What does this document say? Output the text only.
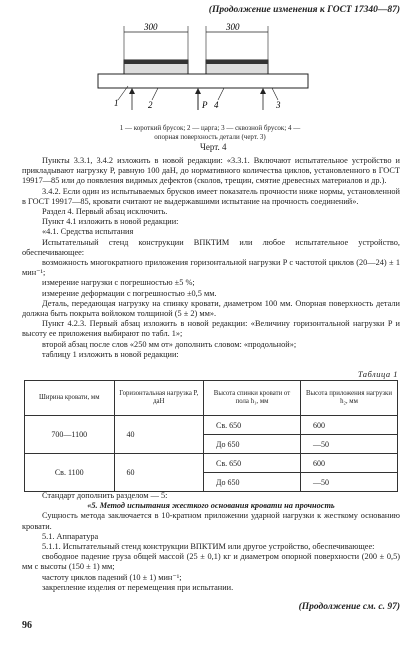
(Продолжение изменения к ГОСТ 17340—87)
300	300
P
1	2	4	3
1 — короткий брусок; 2 — царга; 3 — сквозной брусок; 4 —
опорная поверхность детали (черт. 3)
Черт. 4

Пункты 3.3.1, 3.4.2 изложить в новой редакции: «3.3.1. Включают испытательное устройство и прикладывают нагрузку P, равную 100 даН, до нормативного количества циклов, установленного в ГОСТ 19917—85 или до появления видимых дефектов (сколов, трещин, смятие древесных материалов и др.).

3.4.2. Если один из испытываемых брусков имеет показатель прочности ниже нормы, установленной в ГОСТ 19917—85, кровати считают не выдержавшими испытание на прочность соединений».

Раздел 4. Первый абзац исключить.

Пункт 4.1 изложить в новой редакции:

«4.1. Средства испытания

Испытательный стенд конструкции ВПКТИМ или любое испытательное устройство, обеспечивающее:

возможность многократного приложения горизонтальной нагрузки P с частотой циклов (20—24) ± 1 мин⁻¹;

измерение нагрузки с погрешностью ±5 %;

измерение деформации с погрешностью ±0,5 мм.

Деталь, передающая нагрузку на спинку кровати, диаметром 100 мм. Опорная поверхность детали должна быть покрыта войлоком толщиной (5 ± 2) мм».

Пункт 4.2.3. Первый абзац изложить в новой редакции: «Величину горизонтальной нагрузки P и высоту ее приложения выбирают по табл. 1»;

второй абзац после слов «250 мм от» дополнить словом: «продольной»;

таблицу 1 изложить в новой редакции:

Таблица 1
Ширина кровати, мм	Горизонтальная нагрузка P, даН	Высота спинки кровати от пола h₁, мм	Высота приложения нагрузки h₂, мм
700—1100	40	Св. 650	600
		До 650	—50
Св. 1100	60	Св. 650	600
		До 650	—50

Стандарт дополнить разделом — 5:

«5. Метод испытания жесткого основания кровати на прочность

Сущность метода заключается в 10-кратном приложении ударной нагрузки к жесткому основанию кровати.

5.1. Аппаратура

5.1.1. Испытательный стенд конструкции ВПКТИМ или другое устройство, обеспечивающее:

свободное падение груза общей массой (25 ± 0,1) кг и диаметром опорной поверхности (200 ± 0,5) мм с высоты (150 ± 1) мм;

частоту циклов падений (10 ± 1) мин⁻¹;

закрепление изделия от перемещения при испытании.

(Продолжение см. с. 97)
96
